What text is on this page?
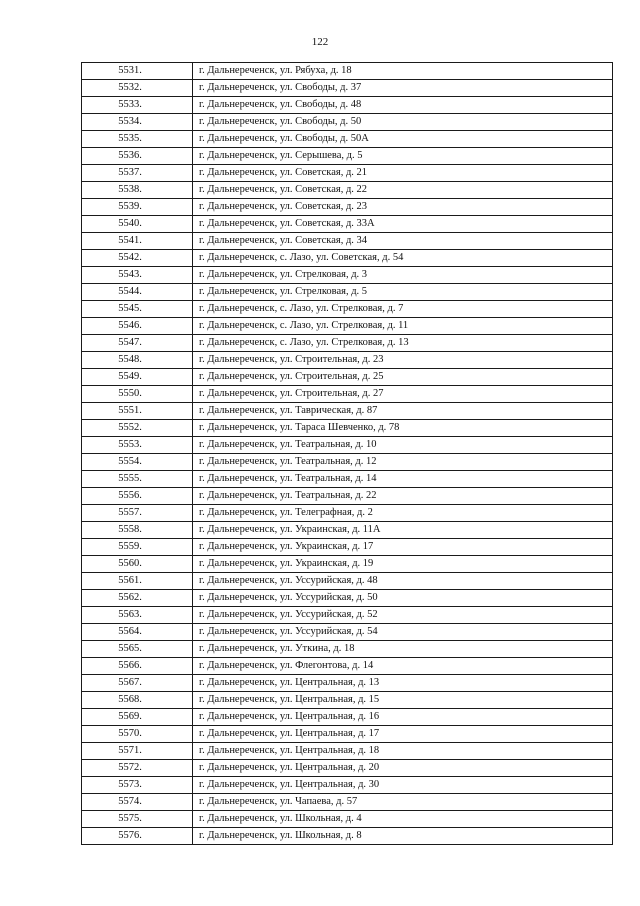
122
5531.	г. Дальнереченск, ул. Рябуха, д. 18
5532.	г. Дальнереченск, ул. Свободы, д. 37
5533.	г. Дальнереченск, ул. Свободы, д. 48
5534.	г. Дальнереченск, ул. Свободы, д. 50
5535.	г. Дальнереченск, ул. Свободы, д. 50А
5536.	г. Дальнереченск, ул. Серышева, д. 5
5537.	г. Дальнереченск, ул. Советская, д. 21
5538.	г. Дальнереченск, ул. Советская, д. 22
5539.	г. Дальнереченск, ул. Советская, д. 23
5540.	г. Дальнереченск, ул. Советская, д. 33А
5541.	г. Дальнереченск, ул. Советская, д. 34
5542.	г. Дальнереченск, с. Лазо, ул. Советская, д. 54
5543.	г. Дальнереченск, ул. Стрелковая, д. 3
5544.	г. Дальнереченск, ул. Стрелковая, д. 5
5545.	г. Дальнереченск, с. Лазо, ул. Стрелковая, д. 7
5546.	г. Дальнереченск, с. Лазо, ул. Стрелковая, д. 11
5547.	г. Дальнереченск, с. Лазо, ул. Стрелковая, д. 13
5548.	г. Дальнереченск, ул. Строительная, д. 23
5549.	г. Дальнереченск, ул. Строительная, д. 25
5550.	г. Дальнереченск, ул. Строительная, д. 27
5551.	г. Дальнереченск, ул. Таврическая, д. 87
5552.	г. Дальнереченск, ул. Тараса Шевченко, д. 78
5553.	г. Дальнереченск, ул. Театральная, д. 10
5554.	г. Дальнереченск, ул. Театральная, д. 12
5555.	г. Дальнереченск, ул. Театральная, д. 14
5556.	г. Дальнереченск, ул. Театральная, д. 22
5557.	г. Дальнереченск, ул. Телеграфная, д. 2
5558.	г. Дальнереченск, ул. Украинская, д. 11А
5559.	г. Дальнереченск, ул. Украинская, д. 17
5560.	г. Дальнереченск, ул. Украинская, д. 19
5561.	г. Дальнереченск, ул. Уссурийская, д. 48
5562.	г. Дальнереченск, ул. Уссурийская, д. 50
5563.	г. Дальнереченск, ул. Уссурийская, д. 52
5564.	г. Дальнереченск, ул. Уссурийская, д. 54
5565.	г. Дальнереченск, ул. Уткина, д. 18
5566.	г. Дальнереченск, ул. Флегонтова, д. 14
5567.	г. Дальнереченск, ул. Центральная, д. 13
5568.	г. Дальнереченск, ул. Центральная, д. 15
5569.	г. Дальнереченск, ул. Центральная, д. 16
5570.	г. Дальнереченск, ул. Центральная, д. 17
5571.	г. Дальнереченск, ул. Центральная, д. 18
5572.	г. Дальнереченск, ул. Центральная, д. 20
5573.	г. Дальнереченск, ул. Центральная, д. 30
5574.	г. Дальнереченск, ул. Чапаева, д. 57
5575.	г. Дальнереченск, ул. Школьная, д. 4
5576.	г. Дальнереченск, ул. Школьная, д. 8
